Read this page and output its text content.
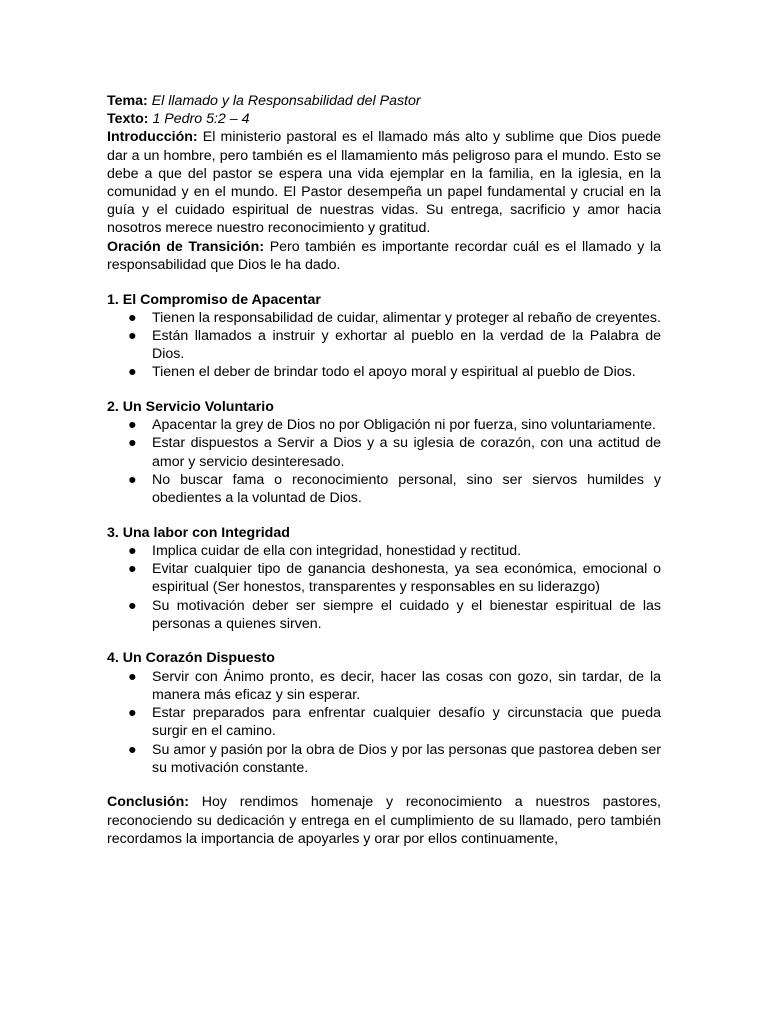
Tema: El llamado y la Responsabilidad del Pastor

Texto: 1 Pedro 5:2 – 4

Introducción: El ministerio pastoral es el llamado más alto y sublime que Dios puede dar a un hombre, pero también es el llamamiento más peligroso para el mundo. Esto se debe a que del pastor se espera una vida ejemplar en la familia, en la iglesia, en la comunidad y en el mundo. El Pastor desempeña un papel fundamental y crucial en la guía y el cuidado espiritual de nuestras vidas. Su entrega, sacrificio y amor hacia nosotros merece nuestro reconocimiento y gratitud.

Oración de Transición: Pero también es importante recordar cuál es el llamado y la responsabilidad que Dios le ha dado.

1. El Compromiso de Apacentar

● Tienen la responsabilidad de cuidar, alimentar y proteger al rebaño de creyentes.
● Están llamados a instruir y exhortar al pueblo en la verdad de la Palabra de Dios.
● Tienen el deber de brindar todo el apoyo moral y espiritual al pueblo de Dios.

2. Un Servicio Voluntario

● Apacentar la grey de Dios no por Obligación ni por fuerza, sino voluntariamente.
● Estar dispuestos a Servir a Dios y a su iglesia de corazón, con una actitud de amor y servicio desinteresado.
● No buscar fama o reconocimiento personal, sino ser siervos humildes y obedientes a la voluntad de Dios.

3. Una labor con Integridad

● Implica cuidar de ella con integridad, honestidad y rectitud.
● Evitar cualquier tipo de ganancia deshonesta, ya sea económica, emocional o espiritual (Ser honestos, transparentes y responsables en su liderazgo)
● Su motivación deber ser siempre el cuidado y el bienestar espiritual de las personas a quienes sirven.

4. Un Corazón Dispuesto

● Servir con Ánimo pronto, es decir, hacer las cosas con gozo, sin tardar, de la manera más eficaz y sin esperar.
● Estar preparados para enfrentar cualquier desafío y circunstacia que pueda surgir en el camino.
● Su amor y pasión por la obra de Dios y por las personas que pastorea deben ser su motivación constante.

Conclusión: Hoy rendimos homenaje y reconocimiento a nuestros pastores, reconociendo su dedicación y entrega en el cumplimiento de su llamado, pero también recordamos la importancia de apoyarles y orar por ellos continuamente,
